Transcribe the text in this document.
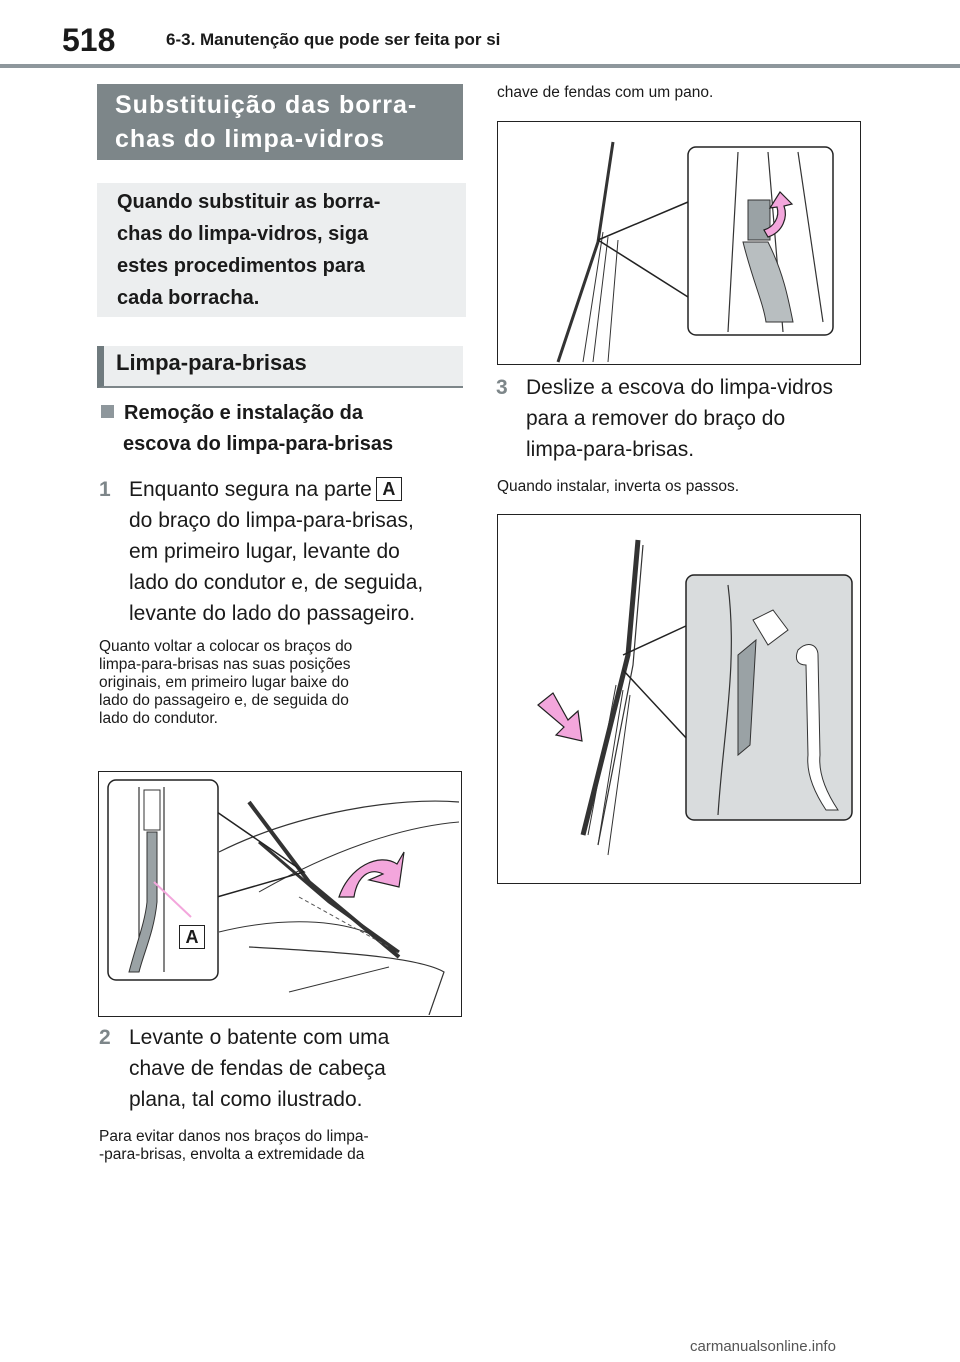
518	6-3. Manutenção que pode ser feita por si
Substituição das borra-
chas do limpa-vidros
Quando substituir as borra-
chas do limpa-vidros, siga
estes procedimentos para
cada borracha.
Limpa-para-brisas
Remoção e instalação da
escova do limpa-para-brisas
1 Enquanto segura na parte A
do braço do limpa-para-brisas,
em primeiro lugar, levante do
lado do condutor e, de seguida,
levante do lado do passageiro.
Quanto voltar a colocar os braços do
limpa-para-brisas nas suas posições
originais, em primeiro lugar baixe do
lado do passageiro e, de seguida do
lado do condutor.
A
2 Levante o batente com uma
chave de fendas de cabeça
plana, tal como ilustrado.
Para evitar danos nos braços do limpa-
-para-brisas, envolta a extremidade da
chave de fendas com um pano.
3 Deslize a escova do limpa-vidros
para a remover do braço do
limpa-para-brisas.
Quando instalar, inverta os passos.
carmanualsonline.info
